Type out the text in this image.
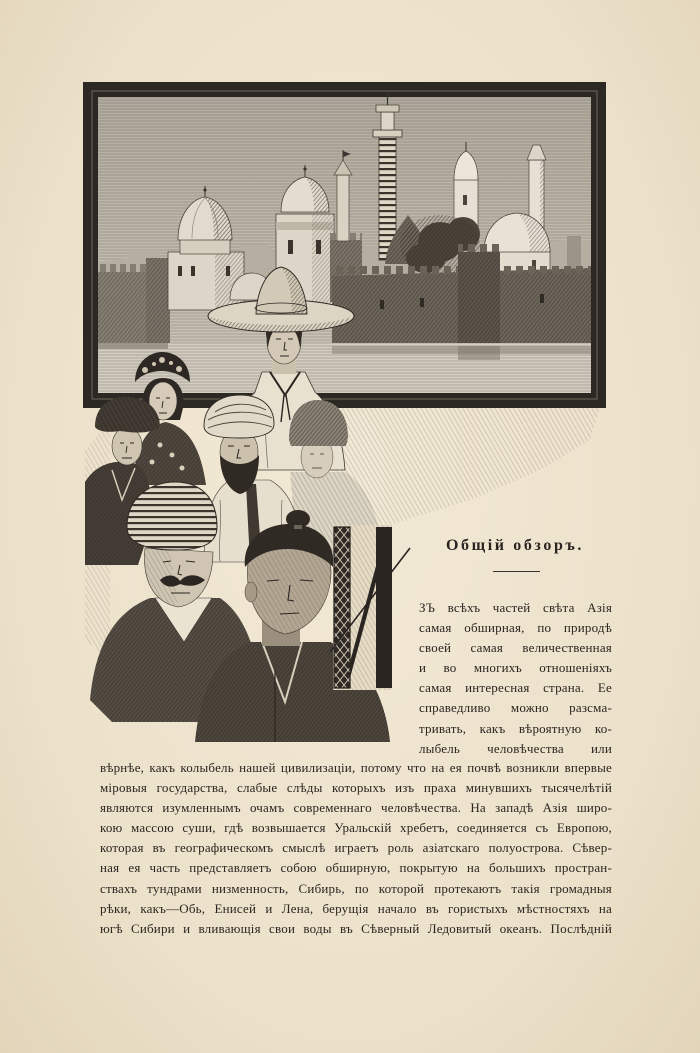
Общій обзоръ.
ЗЪ всѣхъ частей свѣта Азія
самая обширная, по природѣ
своей самая величественная
и во многихъ отношеніяхъ
самая интересная страна. Ее
справедливо можно разсма-
тривать, какъ вѣроятную ко-
лыбель человѣчества или
вѣрнѣе, какъ колыбель нашей цивилизаціи, потому что на ея почвѣ возникли впервые
міровыя государства, слабые слѣды которыхъ изъ праха минувшихъ тысячелѣтій
являются изумленнымъ очамъ современнаго человѣчества. На западѣ Азія широ-
кою массою суши, гдѣ возвышается Уральскій хребетъ, соединяется съ Европою,
которая въ географическомъ смыслѣ играетъ роль азіатскаго полуострова. Сѣвер-
ная ея часть представляетъ собою обширную, покрытую на большихъ простран-
ствахъ тундрами низменность, Сибирь, по которой протекаютъ такія громадныя
рѣки, какъ—Обь, Енисей и Лена, берущія начало въ гористыхъ мѣстностяхъ на
югѣ Сибири и вливающія свои воды въ Сѣверный Ледовитый океанъ. Послѣдній
